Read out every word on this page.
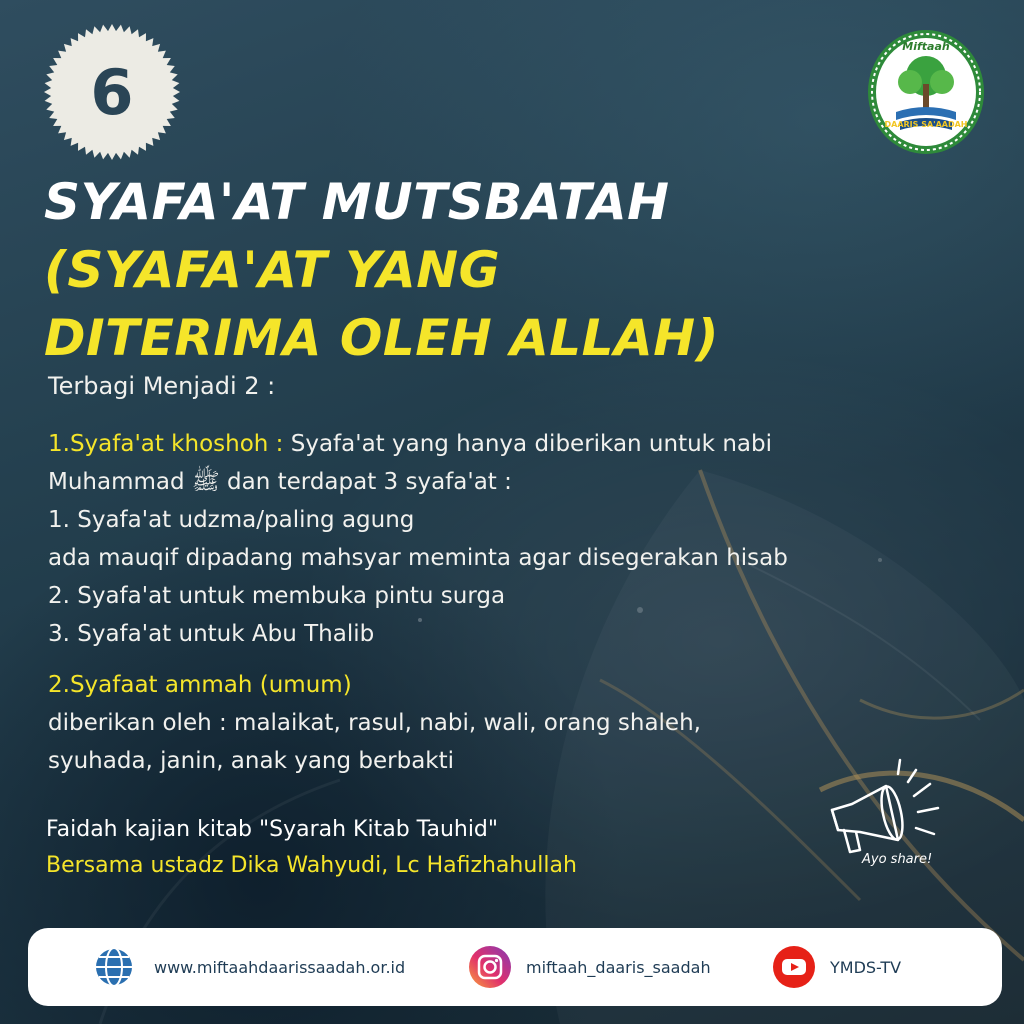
6
Miftaah
DAARIS SA'AADAH
SYAFA'AT MUTSBATAH
(SYAFA'AT YANG
DITERIMA OLEH ALLAH)
Terbagi Menjadi 2 :
1.Syafa'at khoshoh : Syafa'at yang hanya diberikan untuk nabi
Muhammad ﷺ dan terdapat 3 syafa'at :
1. Syafa'at udzma/paling agung
ada mauqif dipadang mahsyar meminta agar disegerakan hisab
2. Syafa'at untuk membuka pintu surga
3. Syafa'at untuk Abu Thalib
2.Syafaat ammah (umum)
diberikan oleh : malaikat, rasul, nabi, wali, orang shaleh,
syuhada, janin, anak yang berbakti
Faidah kajian kitab "Syarah Kitab Tauhid"
Bersama ustadz Dika Wahyudi, Lc Hafizhahullah	Ayo share!
www.miftaahdaarissaadah.or.id	miftaah_daaris_saadah	YMDS-TV
